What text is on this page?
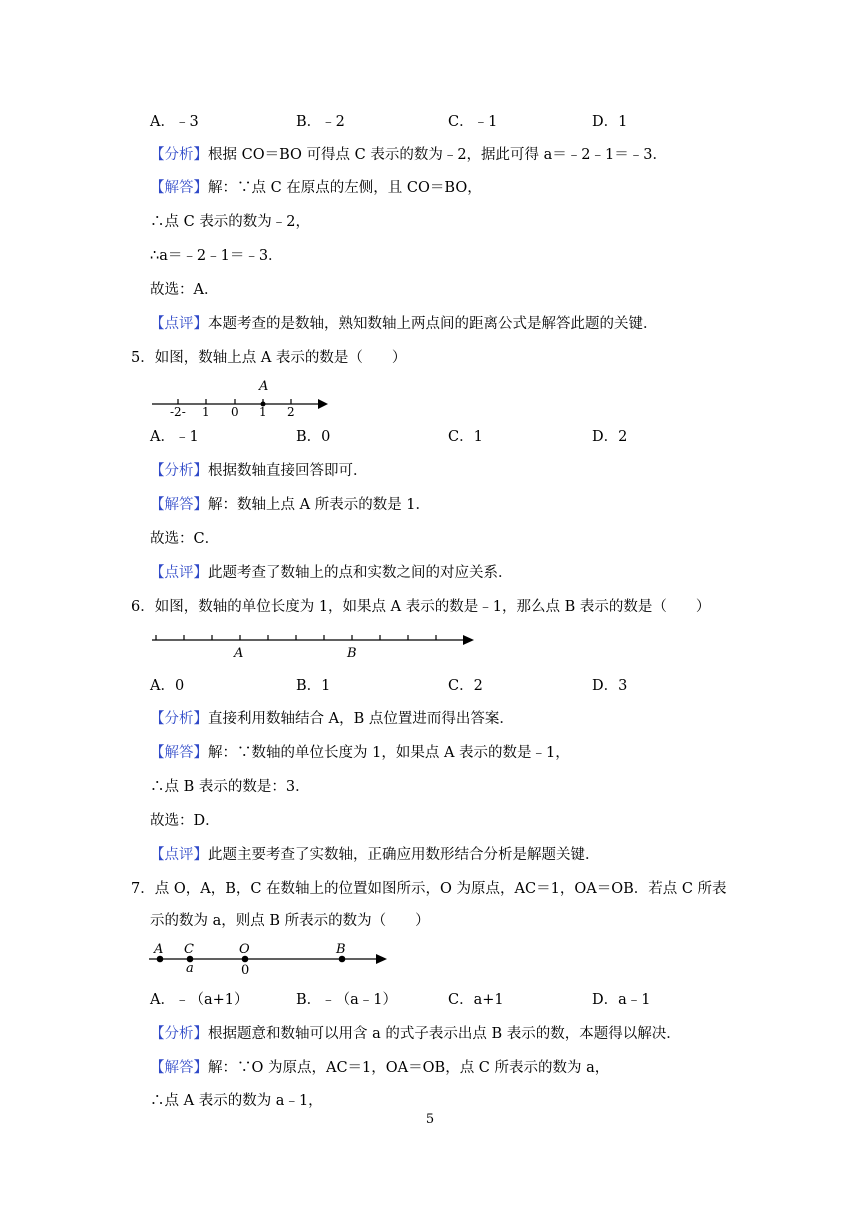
A．﹣3	B．﹣2	C．﹣1	D．1
【分析】根据 CO＝BO 可得点 C 表示的数为﹣2，据此可得 a＝﹣2﹣1＝﹣3．
【解答】解：∵点 C 在原点的左侧，且 CO＝BO，
∴点 C 表示的数为﹣2，
∴a＝﹣2﹣1＝﹣3．
故选：A．
【点评】本题考查的是数轴，熟知数轴上两点间的距离公式是解答此题的关键．
5．如图，数轴上点 A 表示的数是（　　）
A
-2- 1 0 1 2
A．﹣1	B．0	C．1	D．2
【分析】根据数轴直接回答即可．
【解答】解：数轴上点 A 所表示的数是 1．
故选：C．
【点评】此题考查了数轴上的点和实数之间的对应关系．
6．如图，数轴的单位长度为 1，如果点 A 表示的数是﹣1，那么点 B 表示的数是（　　）
A	B
A．0	B．1	C．2	D．3
【分析】直接利用数轴结合 A，B 点位置进而得出答案．
【解答】解：∵数轴的单位长度为 1，如果点 A 表示的数是﹣1，
∴点 B 表示的数是：3．
故选：D．
【点评】此题主要考查了实数轴，正确应用数形结合分析是解题关键．
7．点 O，A，B，C 在数轴上的位置如图所示，O 为原点，AC＝1，OA＝OB．若点 C 所表
示的数为 a，则点 B 所表示的数为（　　）
A C	O	B
a	0
A．﹣（a+1）	B．﹣（a﹣1）	C．a+1	D．a﹣1
【分析】根据题意和数轴可以用含 a 的式子表示出点 B 表示的数，本题得以解决．
【解答】解：∵O 为原点，AC＝1，OA＝OB，点 C 所表示的数为 a，
∴点 A 表示的数为 a﹣1，
5
